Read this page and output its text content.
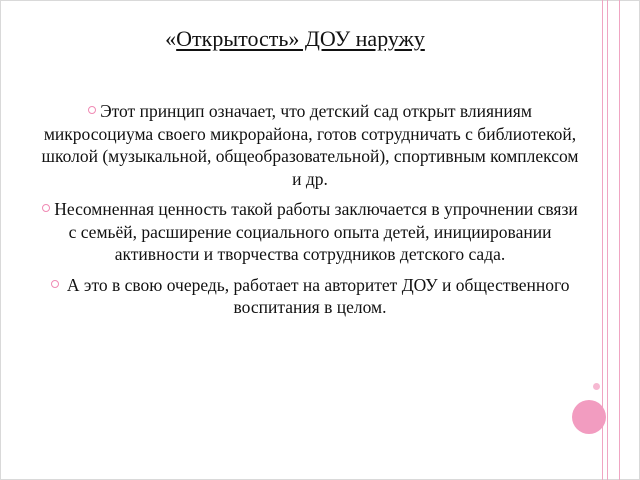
«Открытость» ДОУ наружу
Этот принцип означает, что детский сад открыт влияниям микросоциума своего микрорайона, готов сотрудничать с библиотекой, школой (музыкальной, общеобразовательной), спортивным комплексом и др.
Несомненная ценность такой работы заключается в упрочнении связи с семьёй, расширение социального опыта детей, инициировании активности и творчества сотрудников детского сада.
А это в свою очередь, работает на авторитет ДОУ и общественного воспитания в целом.
